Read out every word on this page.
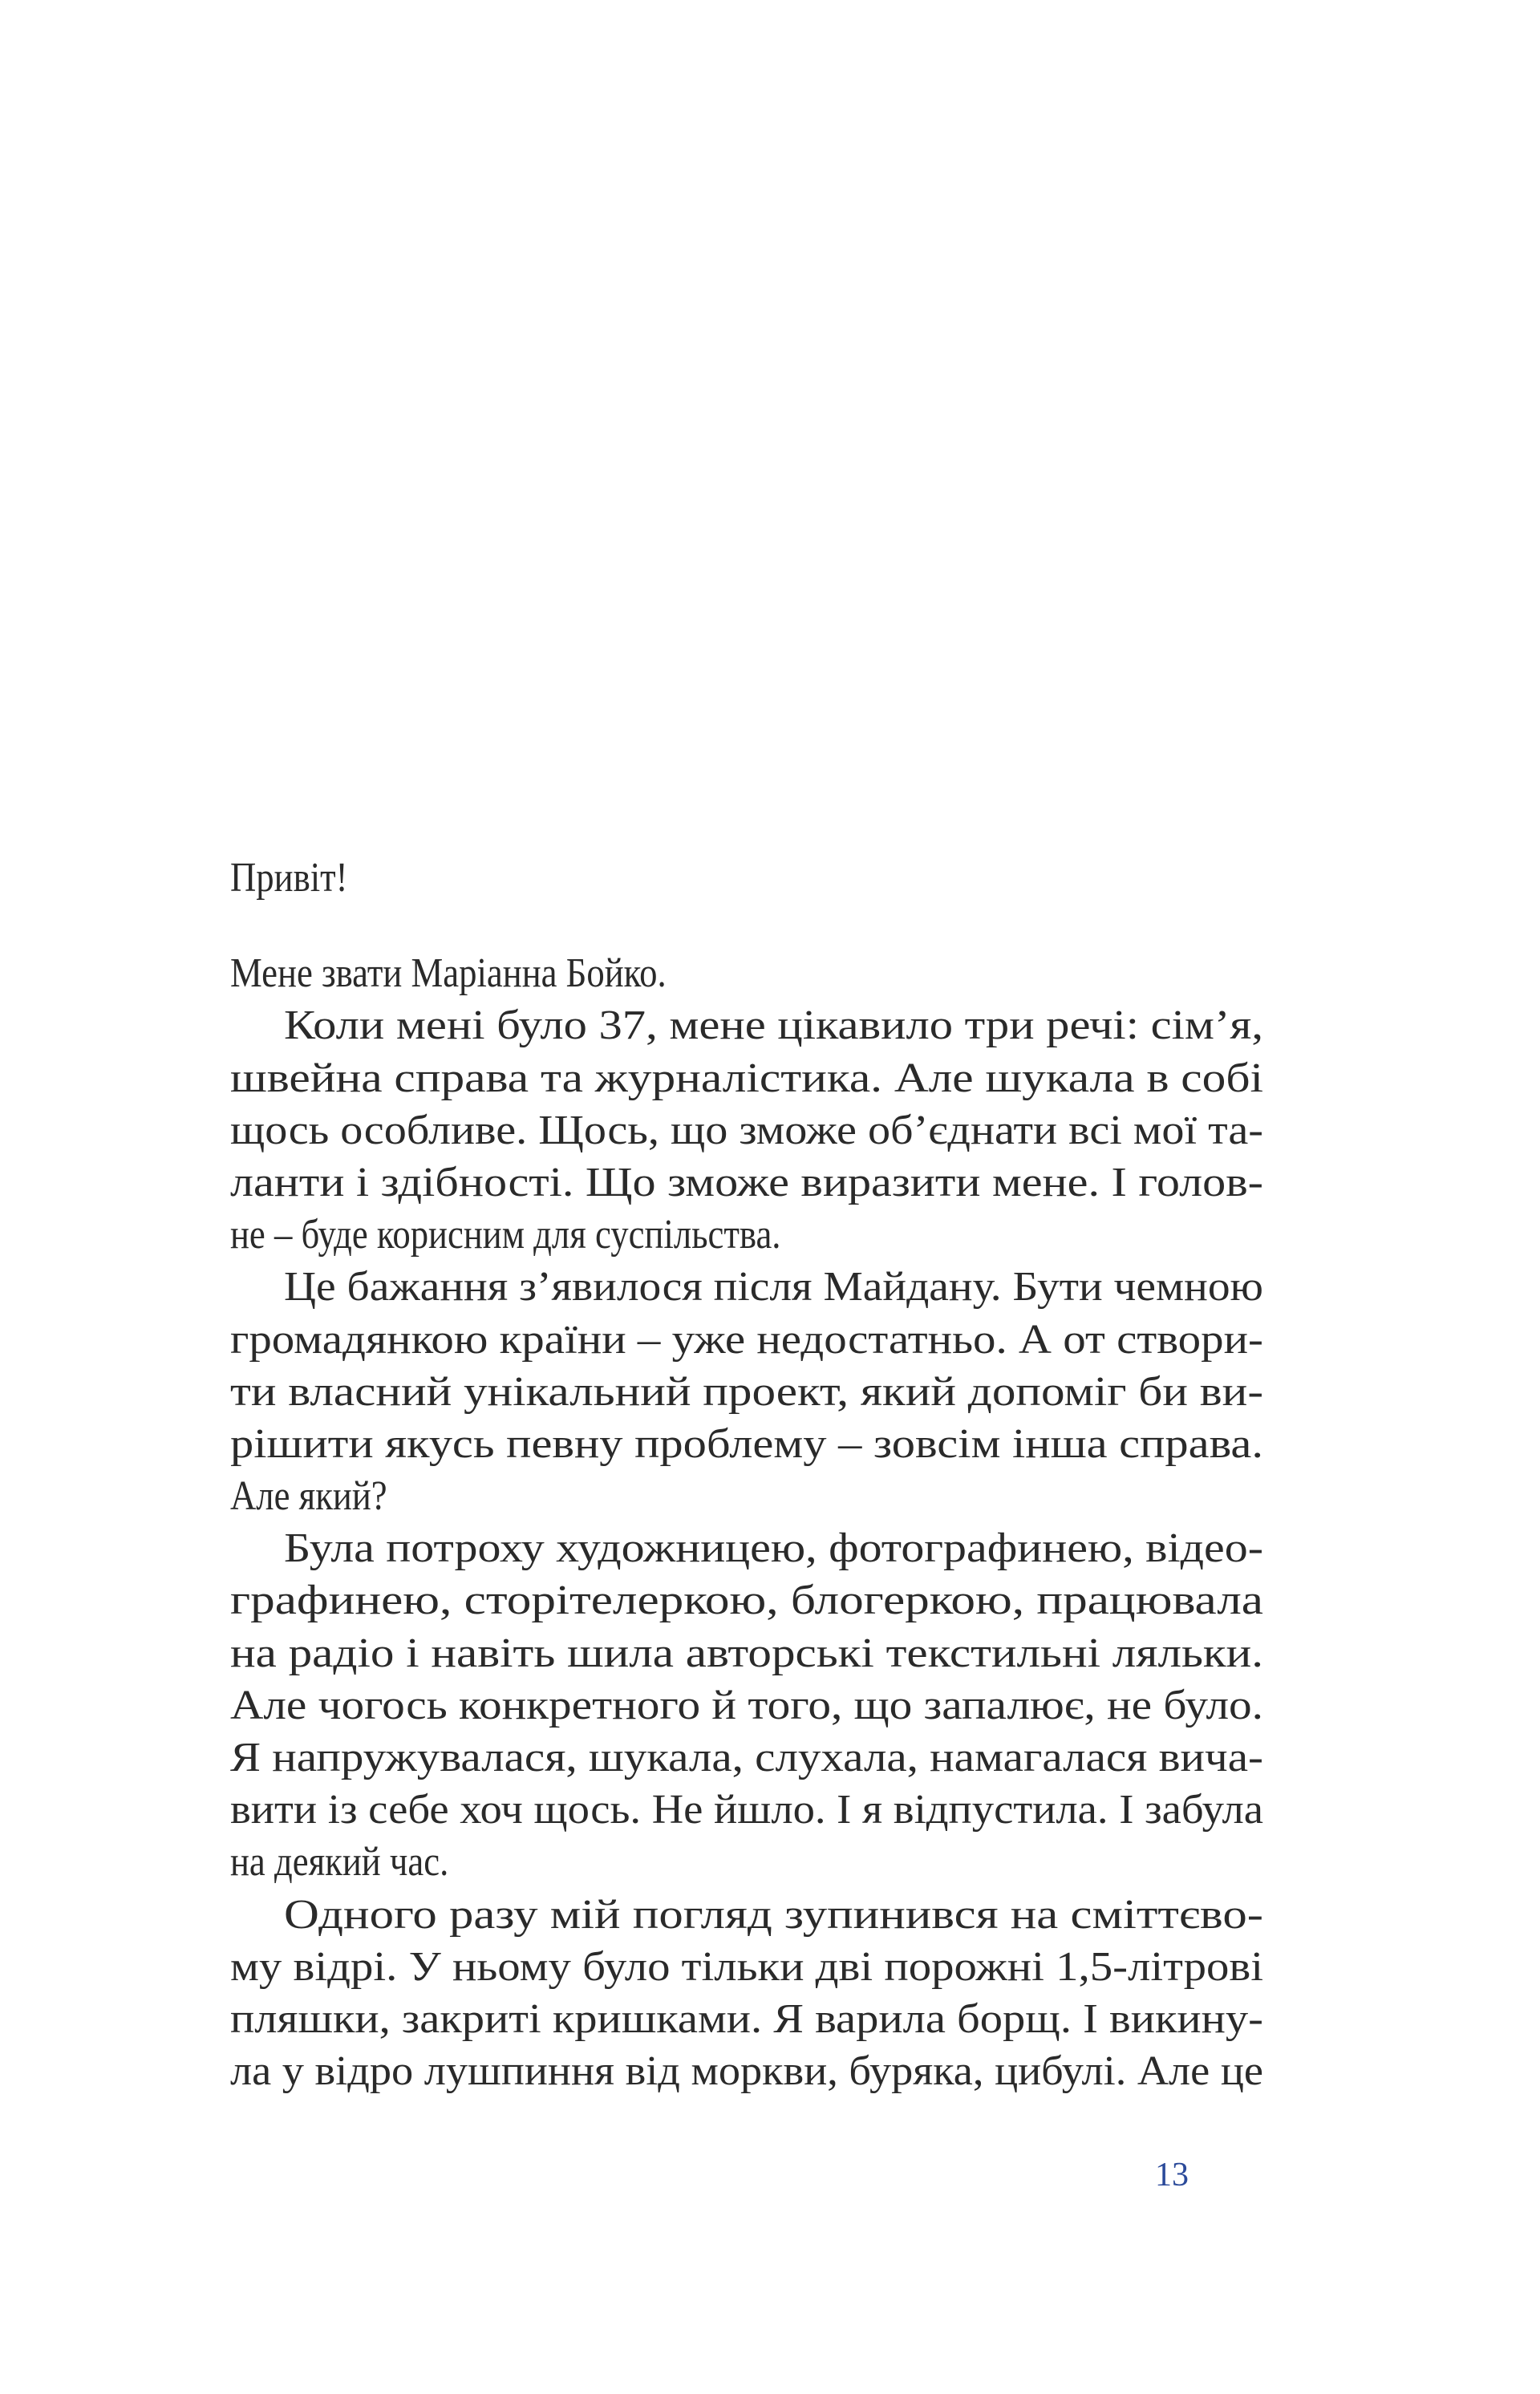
Привіт!
Мене звати Маріанна Бойко.
Коли мені було 37, мене цікавило три речі: сім’я,
швейна справа та журналістика. Але шукала в собі
щось особливе. Щось, що зможе об’єднати всі мої та-
ланти і здібності. Що зможе виразити мене. І голов-
не – буде корисним для суспільства.
Це бажання з’явилося після Майдану. Бути чемною
громадянкою країни – уже недостатньо. А от створи-
ти власний унікальний проект, який допоміг би ви-
рішити якусь певну проблему – зовсім інша справа.
Але який?
Була потроху художницею, фотографинею, відео-
графинею, сторітелеркою, блогеркою, працювала
на радіо і навіть шила авторські текстильні ляльки.
Але чогось конкретного й того, що запалює, не було.
Я напружувалася, шукала, слухала, намагалася вича-
вити із себе хоч щось. Не йшло. І я відпустила. І забула
на деякий час.
Одного разу мій погляд зупинився на сміттєво-
му відрі. У ньому було тільки дві порожні 1,5-літрові
пляшки, закриті кришками. Я варила борщ. І викину-
ла у відро лушпиння від моркви, буряка, цибулі. Але це
13
